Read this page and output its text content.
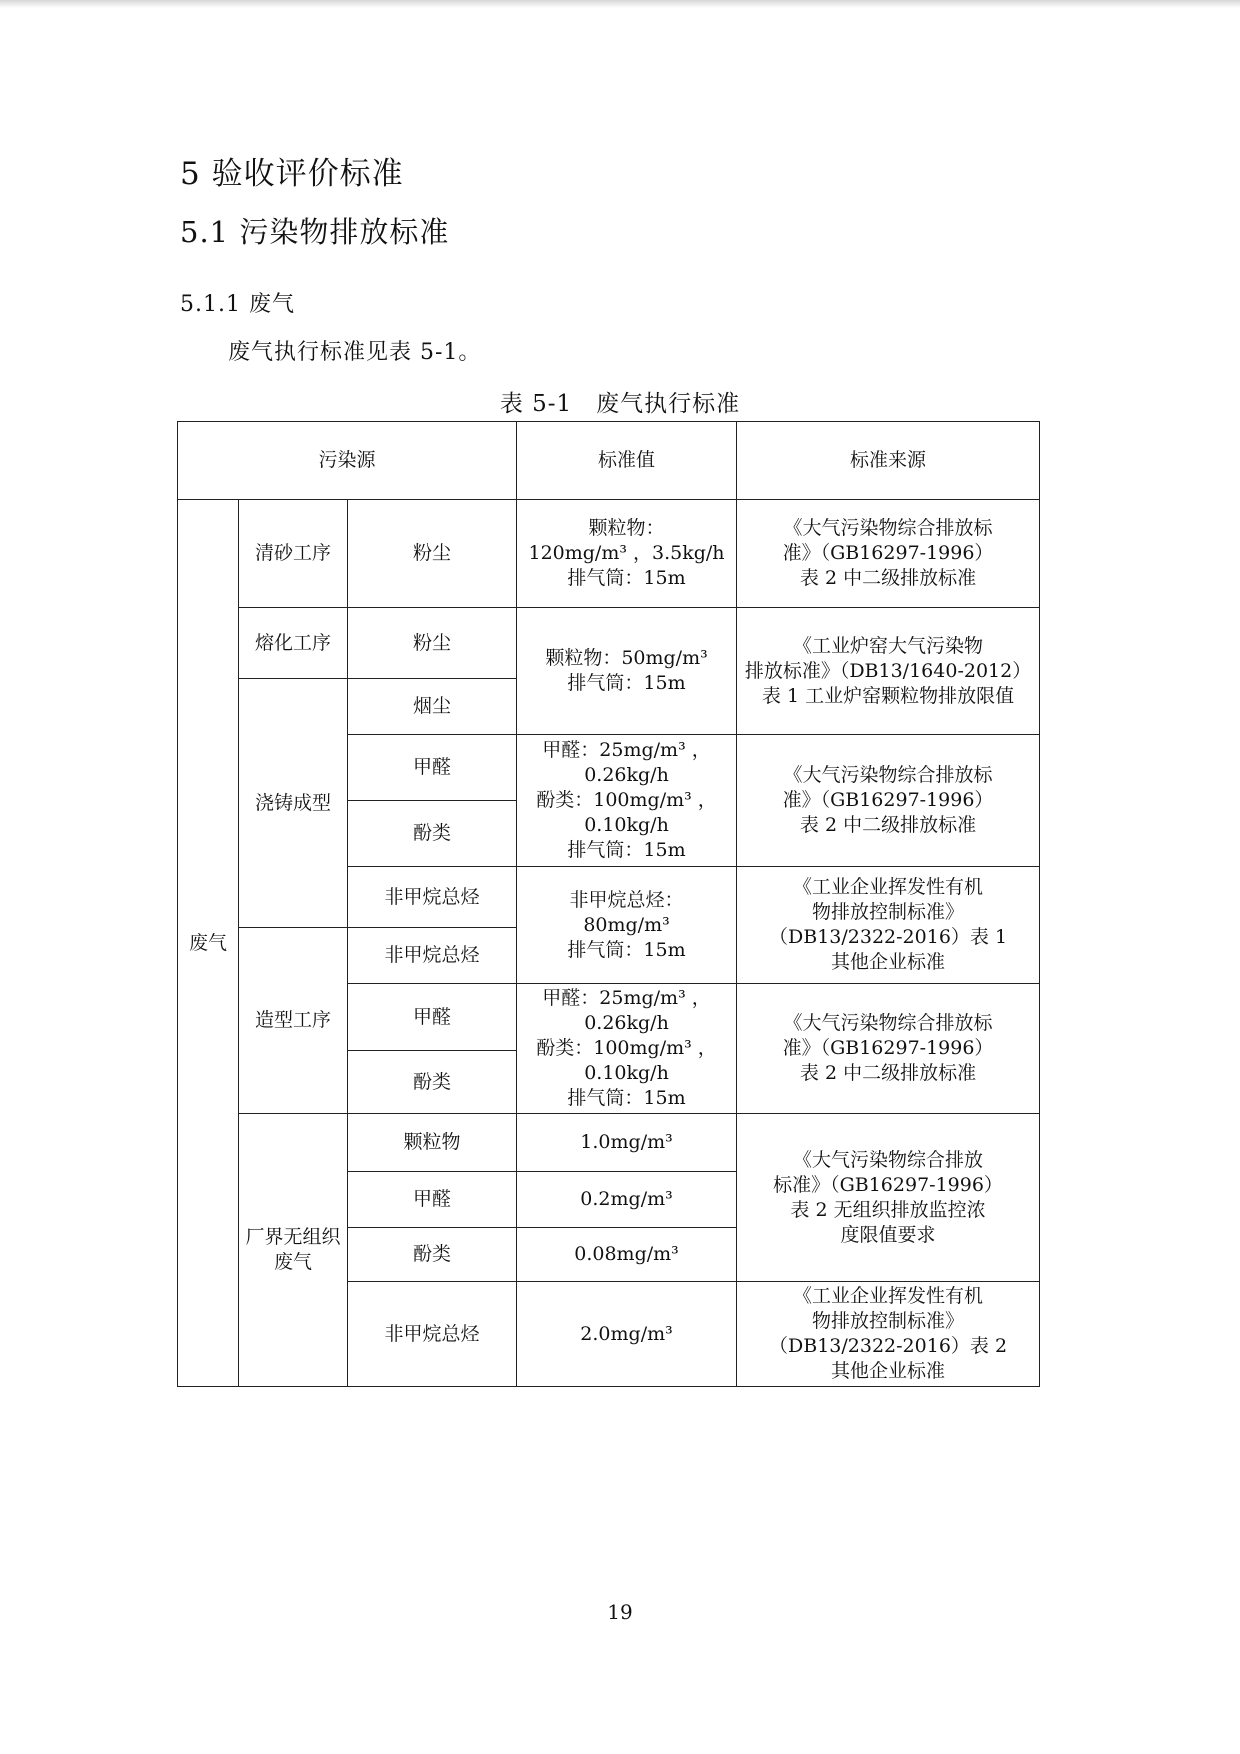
5 验收评价标准
5.1 污染物排放标准
5.1.1 废气
废气执行标准见表 5-1。
表 5-1　废气执行标准
污染源			标准值	标准来源
废气	清砂工序	粉尘	颗粒物：
120mg/m³ ，3.5kg/h
排气筒：15m	《大气污染物综合排放标
准》（GB16297-1996）
表 2 中二级排放标准

	熔化工序	粉尘	颗粒物：50mg/m³
排气筒：15m	《工业炉窑大气污染物
排放标准》（DB13/1640-2012）
表 1 工业炉窑颗粒物排放限值

	浇铸成型	烟尘		
		甲醛	甲醛：25mg/m³ ，
0.26kg/h
酚类：100mg/m³ ，
0.10kg/h
排气筒：15m	《大气污染物综合排放标
准》（GB16297-1996）
表 2 中二级排放标准

		酚类		
		非甲烷总烃	非甲烷总烃：
80mg/m³
排气筒：15m	《工业企业挥发性有机
物排放控制标准》
（DB13/2322-2016）表 1
其他企业标准

	造型工序	非甲烷总烃		
		甲醛	甲醛：25mg/m³ ，
0.26kg/h
酚类：100mg/m³ ，
0.10kg/h
排气筒：15m	《大气污染物综合排放标
准》（GB16297-1996）
表 2 中二级排放标准

		酚类		
	厂界无组织废气	颗粒物	1.0mg/m³	《大气污染物综合排放
标准》（GB16297-1996）
表 2 无组织排放监控浓
度限值要求

		甲醛	0.2mg/m³	
		酚类	0.08mg/m³	
		非甲烷总烃	2.0mg/m³	《工业企业挥发性有机
物排放控制标准》
（DB13/2322-2016）表 2
其他企业标准
19
